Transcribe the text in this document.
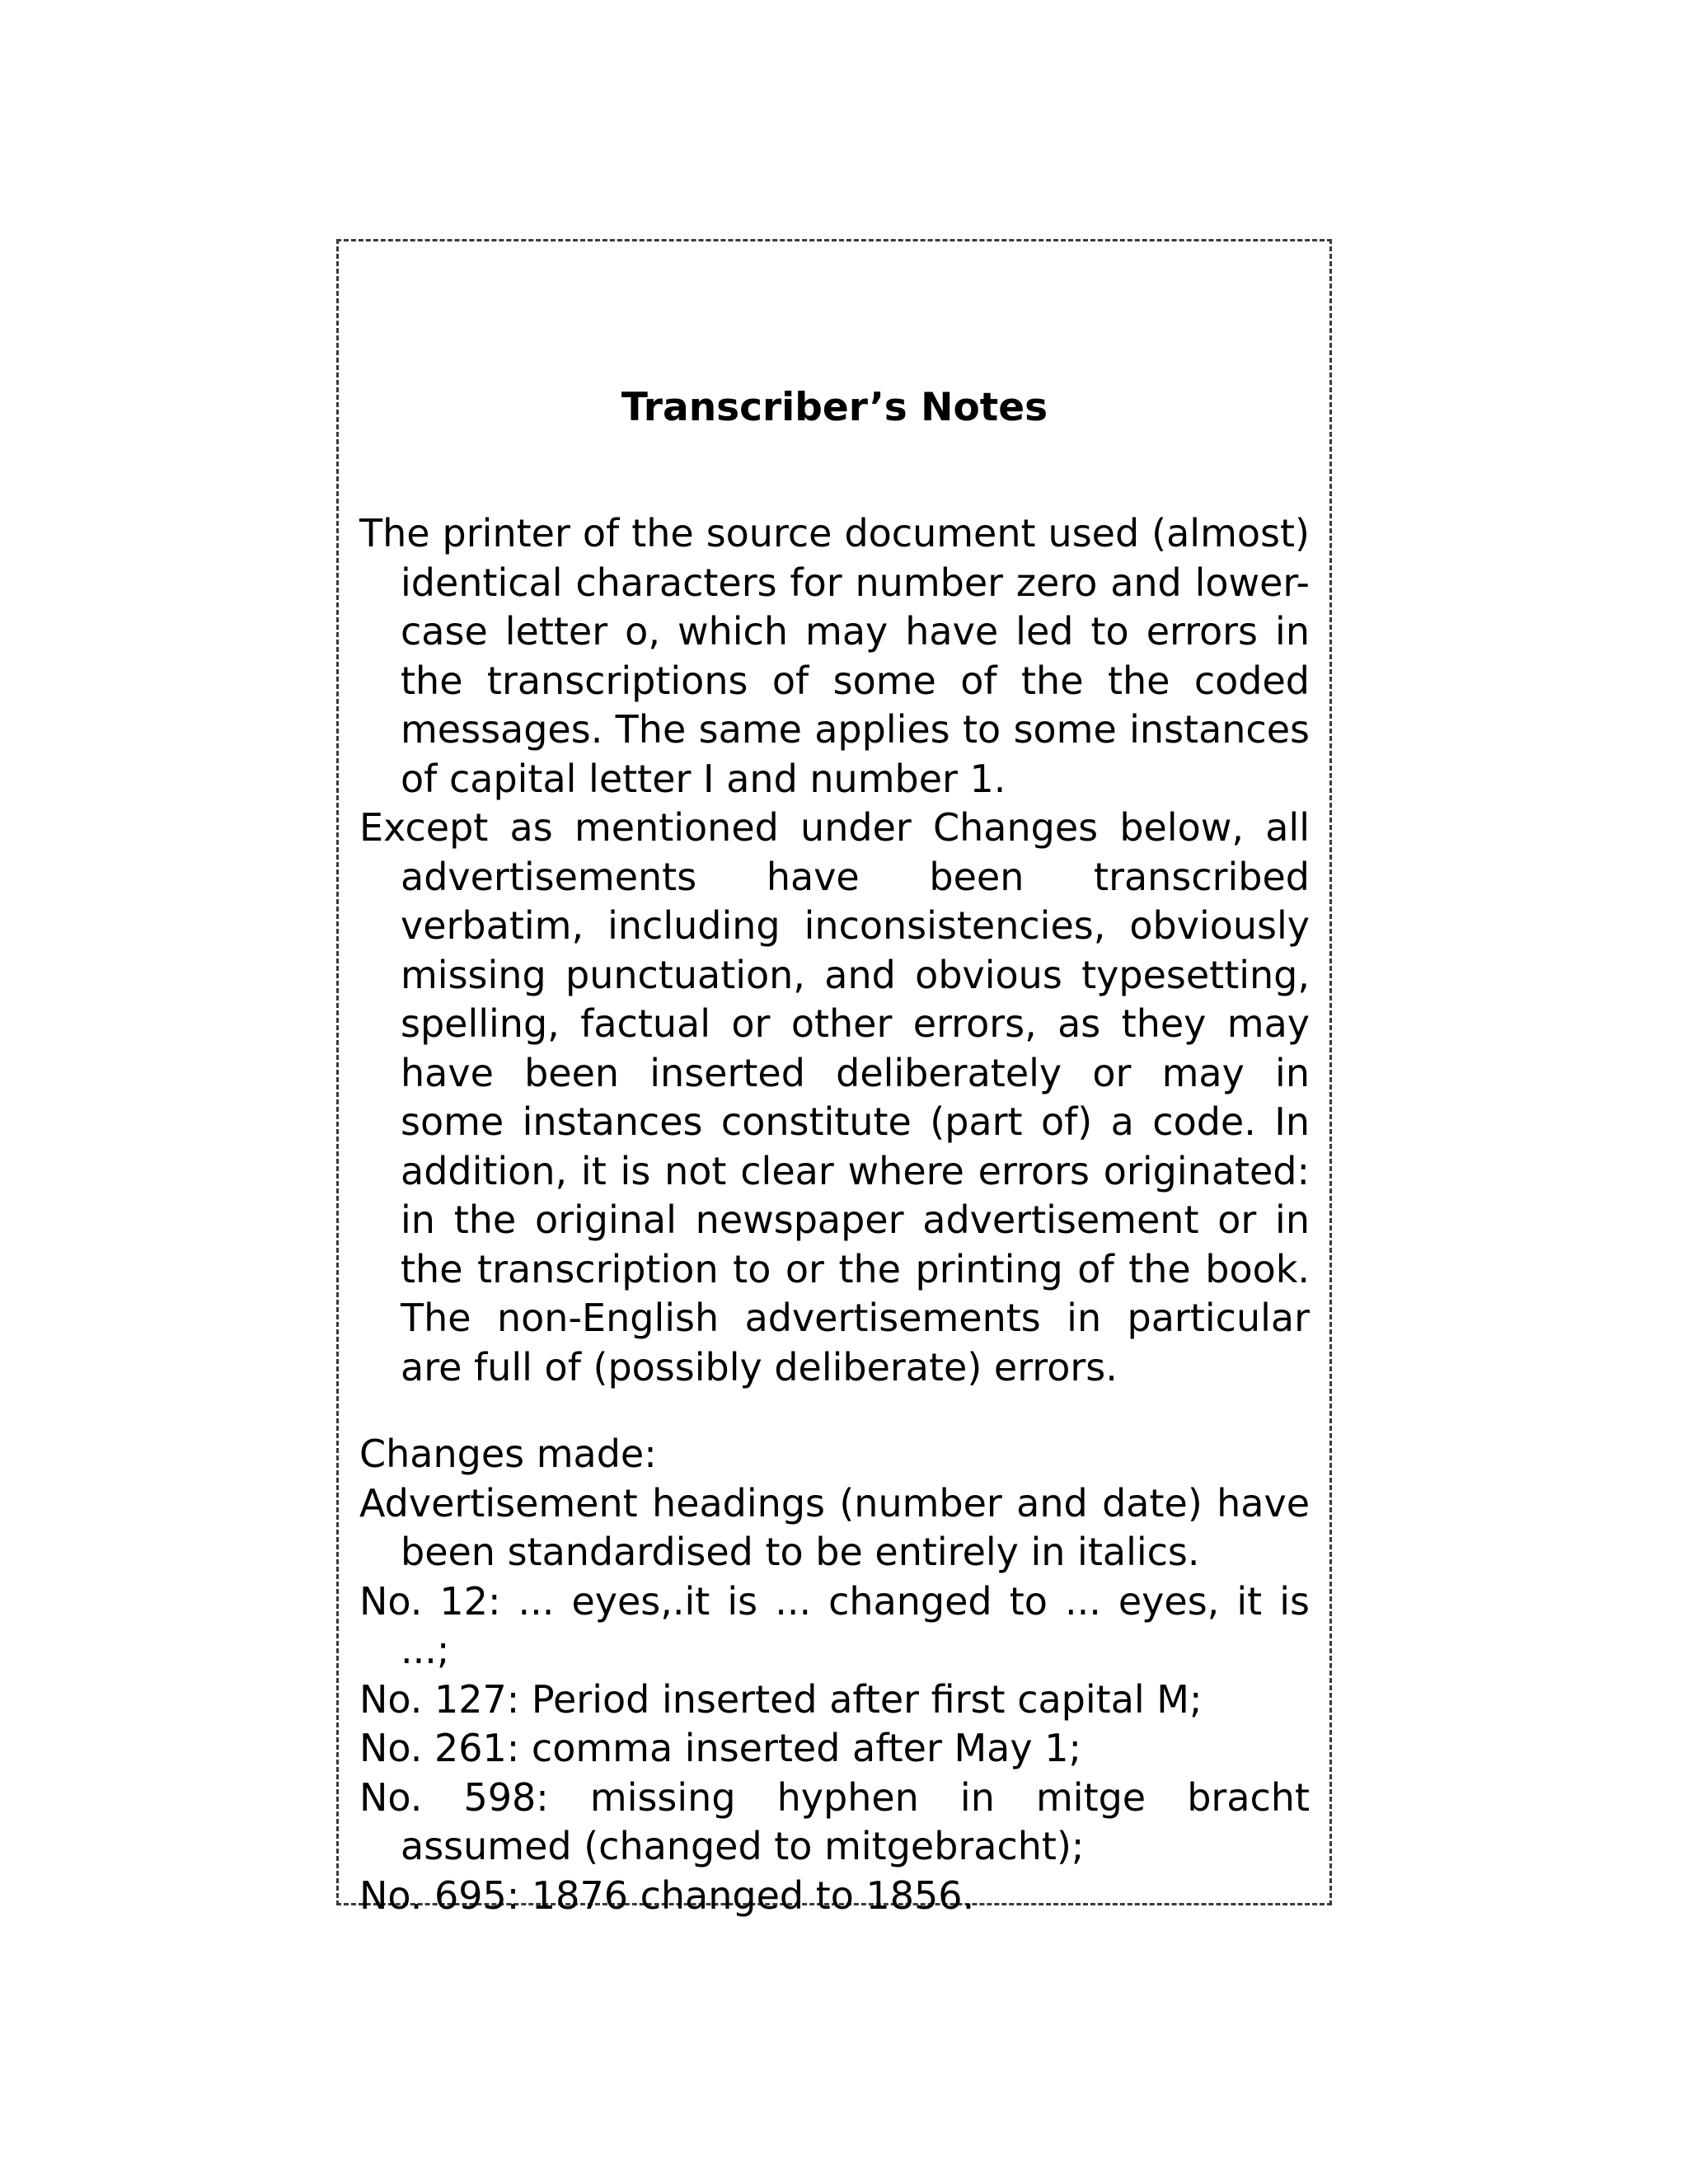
Transcriber’s Notes

The printer of the source document used (almost) identical characters for number zero and lower-case letter o, which may have led to errors in the transcriptions of some of the the coded messages. The same applies to some instances of capital letter I and number 1.

Except as mentioned under Changes below, all advertisements have been transcribed verbatim, including inconsistencies, obviously missing punctuation, and obvious typesetting, spelling, factual or other errors, as they may have been inserted deliberately or may in some instances constitute (part of) a code. In addition, it is not clear where errors originated: in the original newspaper advertisement or in the transcription to or the printing of the book. The non-English advertisements in particular are full of (possibly deliberate) errors.

Changes made:

Advertisement headings (number and date) have been standardised to be entirely in italics.

No. 12: ... eyes,.it is ... changed to ... eyes, it is ...;

No. 127: Period inserted after first capital M;

No. 261: comma inserted after May 1;

No. 598: missing hyphen in mitge bracht assumed (changed to mitgebracht);

No. 695: 1876 changed to 1856.
